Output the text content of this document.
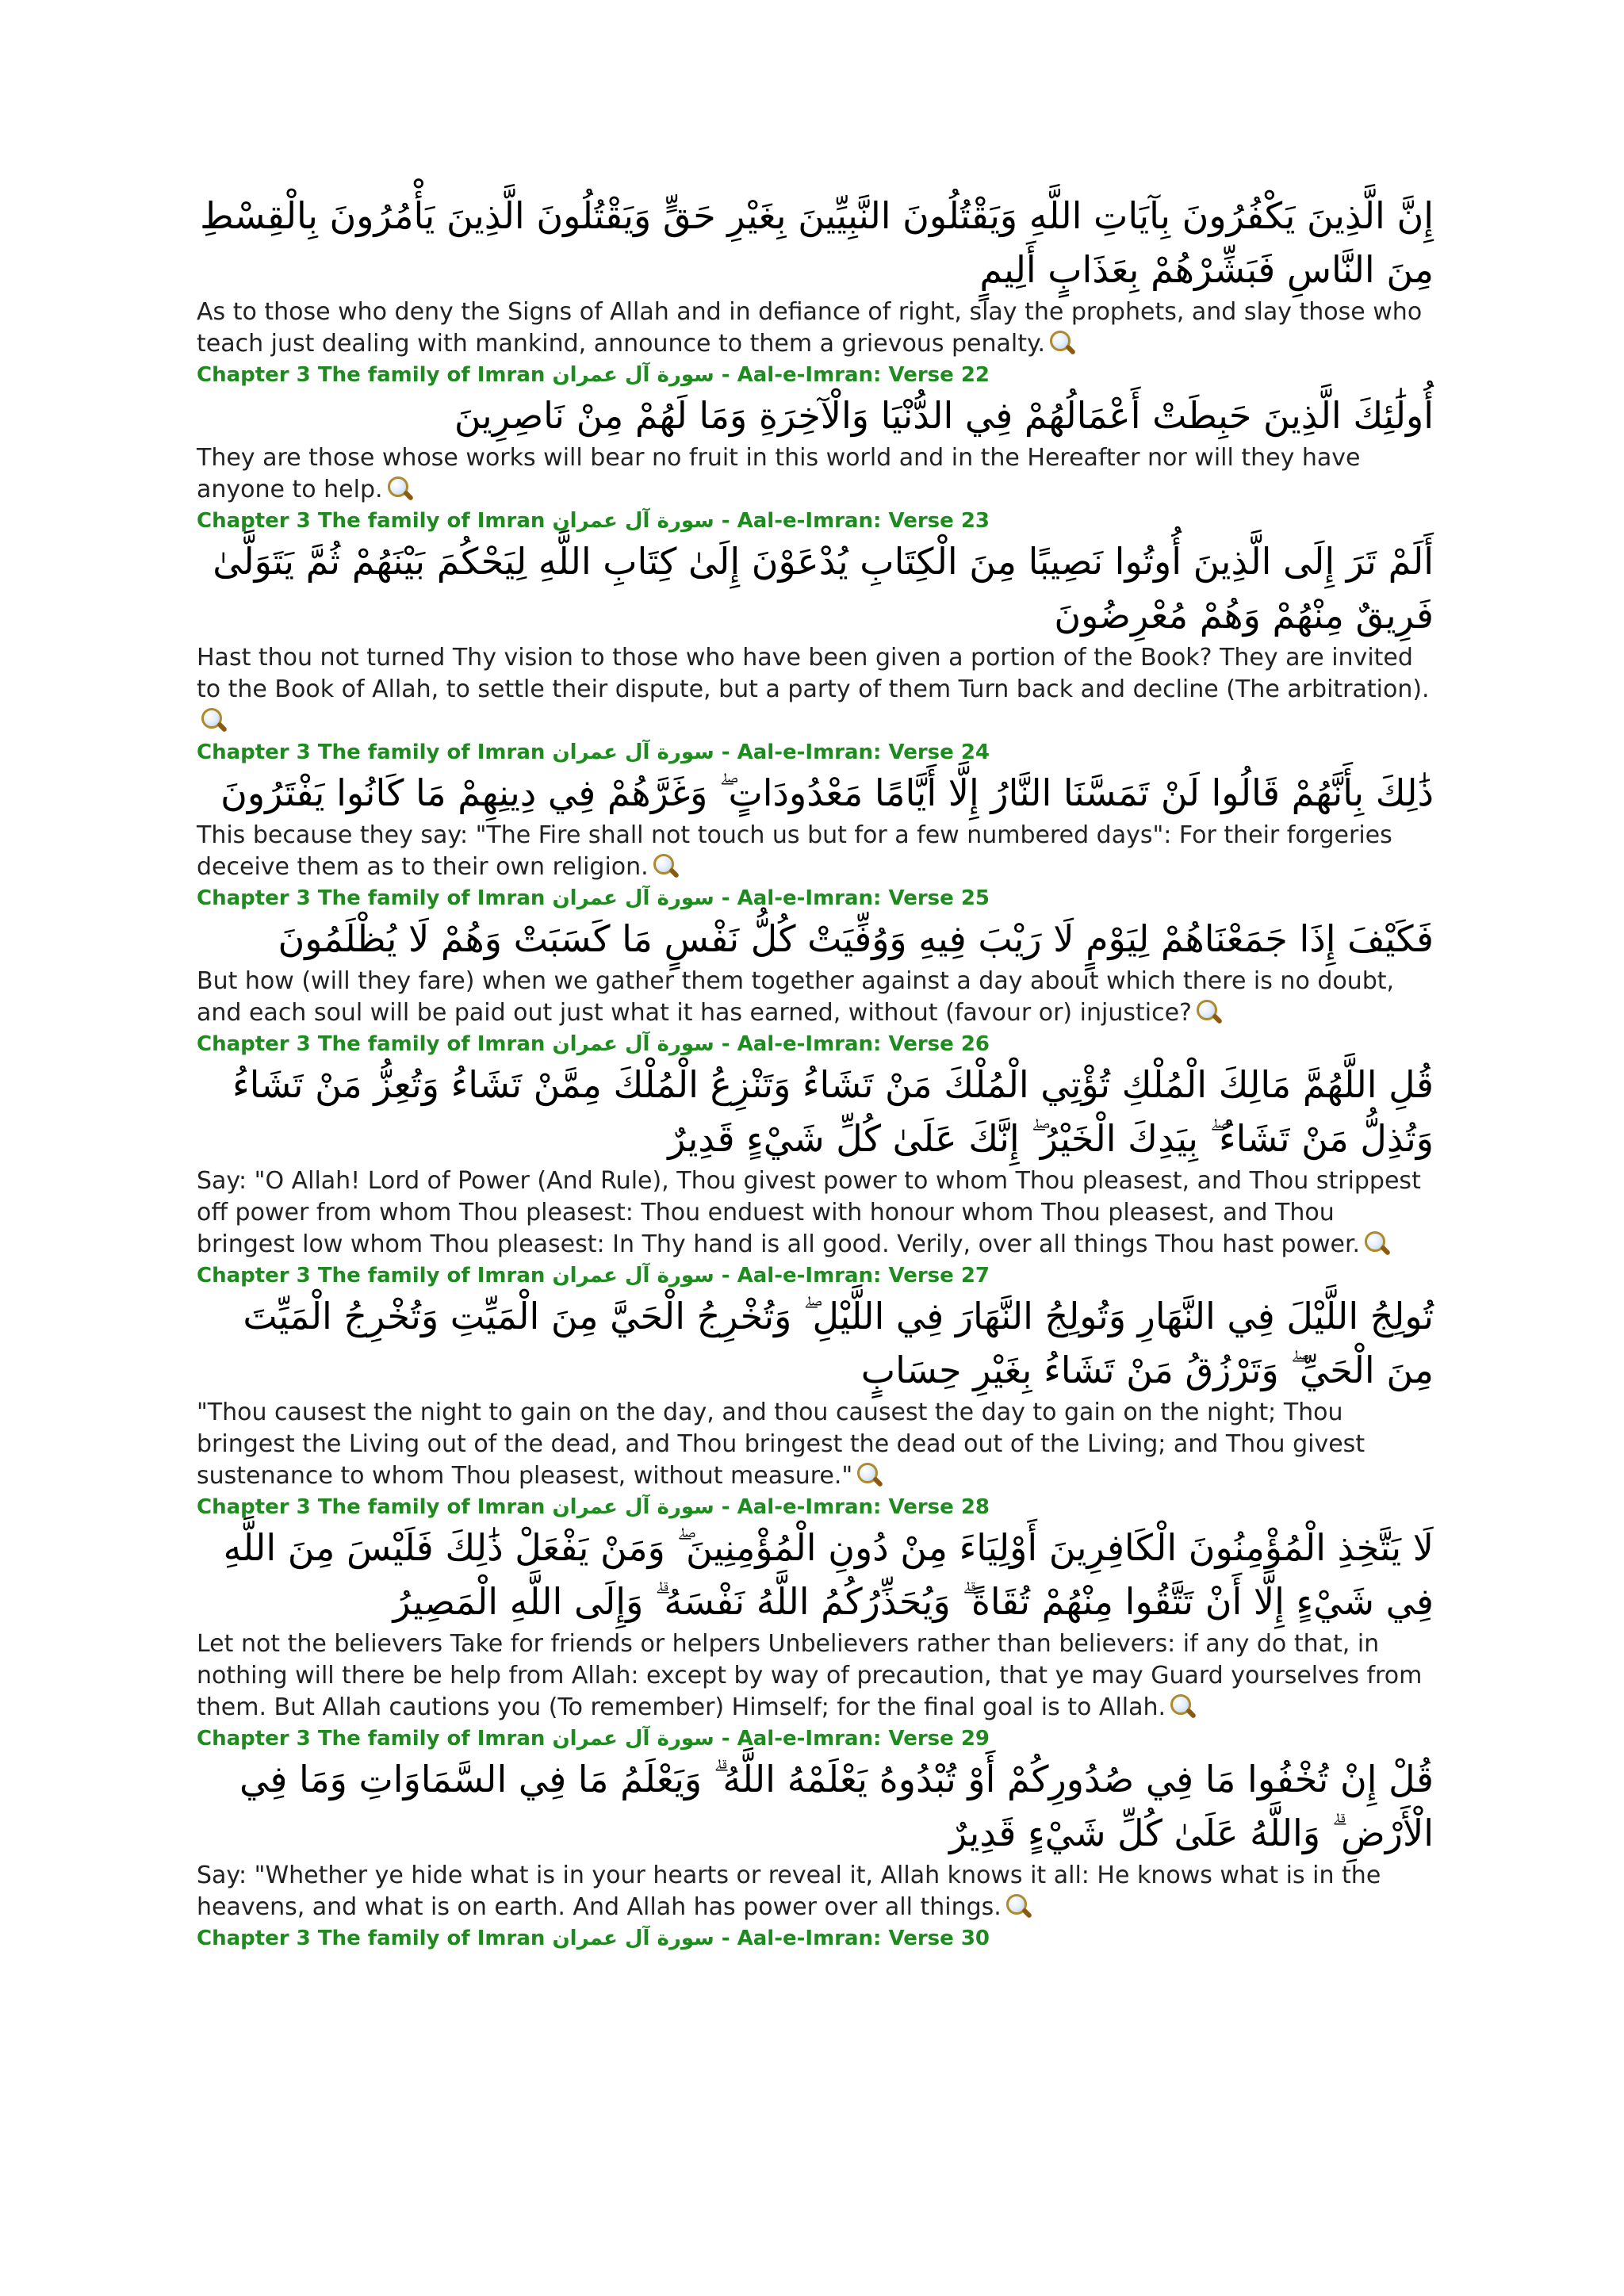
إِنَّ الَّذِينَ يَكْفُرُونَ بِآيَاتِ اللَّهِ وَيَقْتُلُونَ النَّبِيِّينَ بِغَيْرِ حَقٍّ وَيَقْتُلُونَ الَّذِينَ يَأْمُرُونَ بِالْقِسْطِ مِنَ النَّاسِ فَبَشِّرْهُمْ بِعَذَابٍ أَلِيمٍ

As to those who deny the Signs of Allah and in defiance of right, slay the prophets, and slay those who teach just dealing with mankind, announce to them a grievous penalty.

Chapter 3 The family of Imran سورة آل عمران - Aal-e-Imran: Verse 22

أُولَٰئِكَ الَّذِينَ حَبِطَتْ أَعْمَالُهُمْ فِي الدُّنْيَا وَالْآخِرَةِ وَمَا لَهُمْ مِنْ نَاصِرِينَ

They are those whose works will bear no fruit in this world and in the Hereafter nor will they have anyone to help.

Chapter 3 The family of Imran سورة آل عمران - Aal-e-Imran: Verse 23

أَلَمْ تَرَ إِلَى الَّذِينَ أُوتُوا نَصِيبًا مِنَ الْكِتَابِ يُدْعَوْنَ إِلَىٰ كِتَابِ اللَّهِ لِيَحْكُمَ بَيْنَهُمْ ثُمَّ يَتَوَلَّىٰ فَرِيقٌ مِنْهُمْ وَهُمْ مُعْرِضُونَ

Hast thou not turned Thy vision to those who have been given a portion of the Book? They are invited to the Book of Allah, to settle their dispute, but a party of them Turn back and decline (The arbitration).

Chapter 3 The family of Imran سورة آل عمران - Aal-e-Imran: Verse 24

ذَٰلِكَ بِأَنَّهُمْ قَالُوا لَنْ تَمَسَّنَا النَّارُ إِلَّا أَيَّامًا مَعْدُودَاتٍ ۖ وَغَرَّهُمْ فِي دِينِهِمْ مَا كَانُوا يَفْتَرُونَ

This because they say: "The Fire shall not touch us but for a few numbered days": For their forgeries deceive them as to their own religion.

Chapter 3 The family of Imran سورة آل عمران - Aal-e-Imran: Verse 25

فَكَيْفَ إِذَا جَمَعْنَاهُمْ لِيَوْمٍ لَا رَيْبَ فِيهِ وَوُفِّيَتْ كُلُّ نَفْسٍ مَا كَسَبَتْ وَهُمْ لَا يُظْلَمُونَ

But how (will they fare) when we gather them together against a day about which there is no doubt, and each soul will be paid out just what it has earned, without (favour or) injustice?

Chapter 3 The family of Imran سورة آل عمران - Aal-e-Imran: Verse 26

قُلِ اللَّهُمَّ مَالِكَ الْمُلْكِ تُؤْتِي الْمُلْكَ مَنْ تَشَاءُ وَتَنْزِعُ الْمُلْكَ مِمَّنْ تَشَاءُ وَتُعِزُّ مَنْ تَشَاءُ وَتُذِلُّ مَنْ تَشَاءُ ۖ بِيَدِكَ الْخَيْرُ ۖ إِنَّكَ عَلَىٰ كُلِّ شَيْءٍ قَدِيرٌ

Say: "O Allah! Lord of Power (And Rule), Thou givest power to whom Thou pleasest, and Thou strippest off power from whom Thou pleasest: Thou enduest with honour whom Thou pleasest, and Thou bringest low whom Thou pleasest: In Thy hand is all good. Verily, over all things Thou hast power.

Chapter 3 The family of Imran سورة آل عمران - Aal-e-Imran: Verse 27

تُولِجُ اللَّيْلَ فِي النَّهَارِ وَتُولِجُ النَّهَارَ فِي اللَّيْلِ ۖ وَتُخْرِجُ الْحَيَّ مِنَ الْمَيِّتِ وَتُخْرِجُ الْمَيِّتَ مِنَ الْحَيِّ ۖ وَتَرْزُقُ مَنْ تَشَاءُ بِغَيْرِ حِسَابٍ

"Thou causest the night to gain on the day, and thou causest the day to gain on the night; Thou bringest the Living out of the dead, and Thou bringest the dead out of the Living; and Thou givest sustenance to whom Thou pleasest, without measure."

Chapter 3 The family of Imran سورة آل عمران - Aal-e-Imran: Verse 28

لَا يَتَّخِذِ الْمُؤْمِنُونَ الْكَافِرِينَ أَوْلِيَاءَ مِنْ دُونِ الْمُؤْمِنِينَ ۖ وَمَنْ يَفْعَلْ ذَٰلِكَ فَلَيْسَ مِنَ اللَّهِ فِي شَيْءٍ إِلَّا أَنْ تَتَّقُوا مِنْهُمْ تُقَاةً ۗ وَيُحَذِّرُكُمُ اللَّهُ نَفْسَهُ ۗ وَإِلَى اللَّهِ الْمَصِيرُ

Let not the believers Take for friends or helpers Unbelievers rather than believers: if any do that, in nothing will there be help from Allah: except by way of precaution, that ye may Guard yourselves from them. But Allah cautions you (To remember) Himself; for the final goal is to Allah.

Chapter 3 The family of Imran سورة آل عمران - Aal-e-Imran: Verse 29

قُلْ إِنْ تُخْفُوا مَا فِي صُدُورِكُمْ أَوْ تُبْدُوهُ يَعْلَمْهُ اللَّهُ ۗ وَيَعْلَمُ مَا فِي السَّمَاوَاتِ وَمَا فِي الْأَرْضِ ۗ وَاللَّهُ عَلَىٰ كُلِّ شَيْءٍ قَدِيرٌ

Say: "Whether ye hide what is in your hearts or reveal it, Allah knows it all: He knows what is in the heavens, and what is on earth. And Allah has power over all things.

Chapter 3 The family of Imran سورة آل عمران - Aal-e-Imran: Verse 30
